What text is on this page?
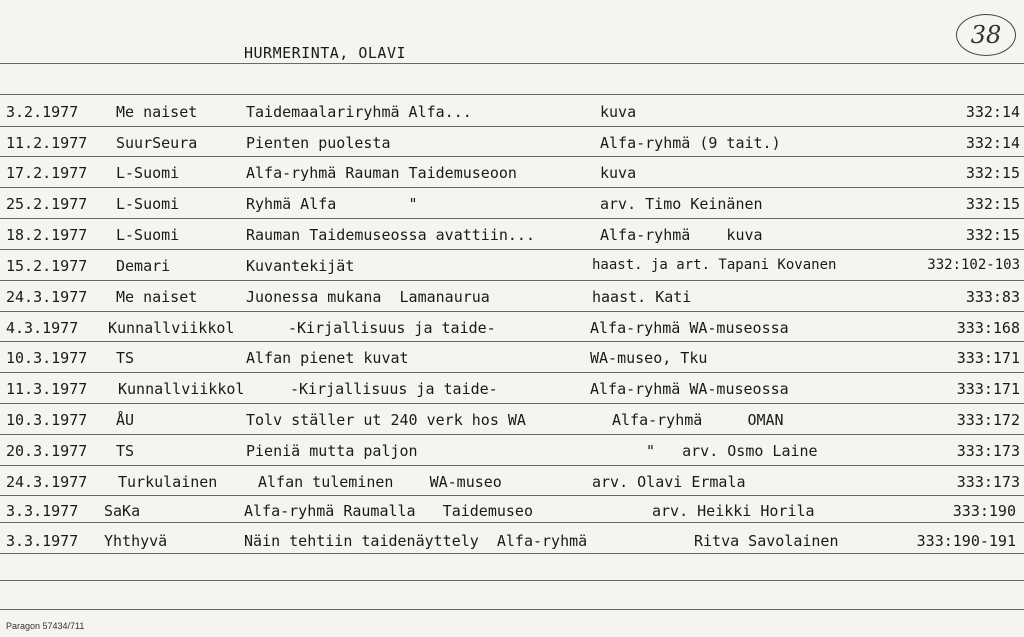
HURMERINTA, OLAVI
38
3.2.1977	Me naiset	Taidemaalariryhmä Alfa...	kuva	332:14
11.2.1977 SuurSeura	Pienten puolesta	Alfa-ryhmä (9 tait.)	332:14
17.2.1977 L-Suomi	Alfa-ryhmä Rauman Taidemuseoon	kuva	332:15
25.2.1977 L-Suomi	Ryhmä Alfa        "	arv. Timo Keinänen	332:15
18.2.1977 L-Suomi	Rauman Taidemuseossa avattiin...	Alfa-ryhmä    kuva	332:15
15.2.1977 Demari	Kuvantekijät	haast. ja art. Tapani Kovanen	332:102-103
24.3.1977 Me naiset	Juonessa mukana  Lamanaurua	haast. Kati	333:83
4.3.1977 Kunnallviikkol	-Kirjallisuus ja taide-	Alfa-ryhmä WA-museossa	333:168
10.3.1977 TS	Alfan pienet kuvat	WA-museo, Tku	333:171
11.3.1977 Kunnallviikkol	-Kirjallisuus ja taide-	Alfa-ryhmä WA-museossa	333:171
10.3.1977 ÅU	Tolv ställer ut 240 verk hos WA	Alfa-ryhmä     OMAN	333:172
20.3.1977 TS	Pieniä mutta paljon	"   arv. Osmo Laine	333:173
24.3.1977 Turkulainen	Alfan tuleminen    WA-museo	arv. Olavi Ermala	333:173
3.3.1977 SaKa	Alfa-ryhmä Raumalla   Taidemuseo	arv. Heikki Horila	333:190
3.3.1977 Yhthyvä	Näin tehtiin taidenäyttely  Alfa-ryhmä	Ritva Savolainen	333:190-191
Paragon 57434/711
